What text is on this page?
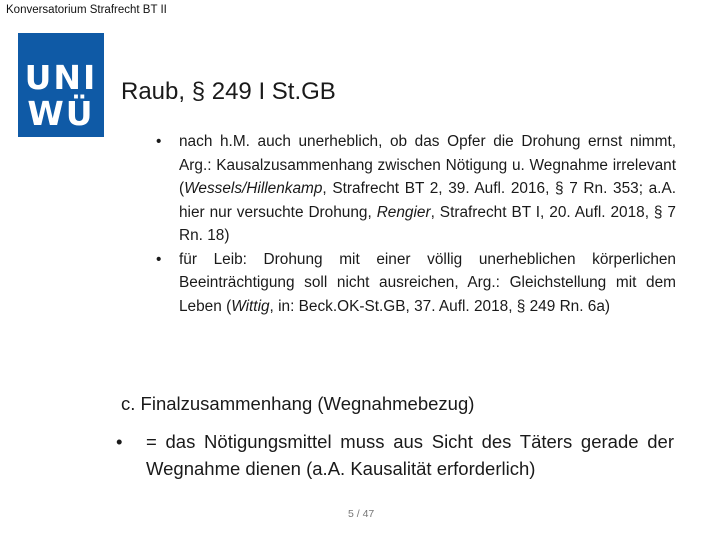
Konversatorium Strafrecht BT II
UNI
WÜ
Raub, § 249 I St.GB
• nach h.M. auch unerheblich, ob das Opfer die Drohung ernst nimmt, Arg.: Kausalzusammenhang zwischen Nötigung u. Wegnahme irrelevant (Wessels/Hillenkamp, Strafrecht BT 2, 39. Aufl. 2016, § 7 Rn. 353; a.A. hier nur versuchte Drohung, Rengier, Strafrecht BT I, 20. Aufl. 2018, § 7 Rn. 18)
• für Leib: Drohung mit einer völlig unerheblichen körperlichen Beeinträchtigung soll nicht ausreichen, Arg.: Gleichstellung mit dem Leben (Wittig, in: Beck.OK-St.GB, 37. Aufl. 2018, § 249 Rn. 6a)
c. Finalzusammenhang (Wegnahmebezug)
• = das Nötigungsmittel muss aus Sicht des Täters gerade der Wegnahme dienen (a.A. Kausalität erforderlich)
5 / 47
